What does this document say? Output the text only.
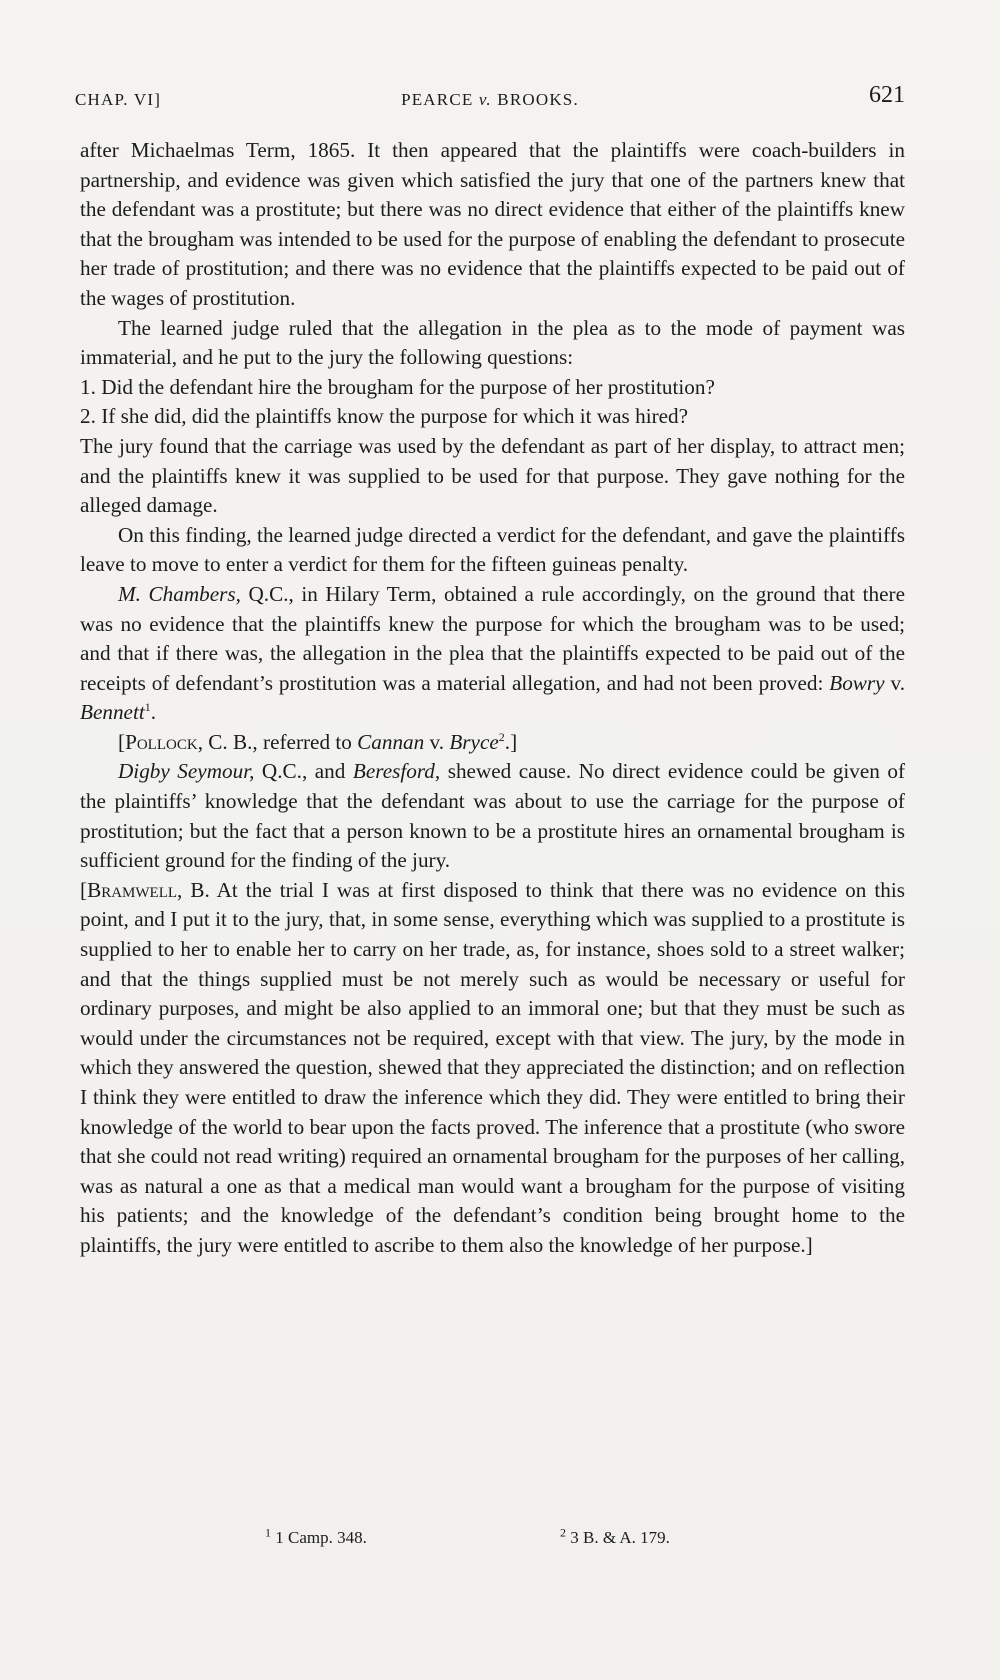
CHAP. VI]	PEARCE v. BROOKS.	621

after Michaelmas Term, 1865. It then appeared that the plaintiffs were coach-builders in partnership, and evidence was given which satisfied the jury that one of the partners knew that the defendant was a prostitute; but there was no direct evidence that either of the plaintiffs knew that the brougham was intended to be used for the purpose of enabling the defendant to prosecute her trade of prostitution; and there was no evidence that the plaintiffs expected to be paid out of the wages of prostitution.

The learned judge ruled that the allegation in the plea as to the mode of payment was immaterial, and he put to the jury the following questions:

1. Did the defendant hire the brougham for the purpose of her prostitution?

2. If she did, did the plaintiffs know the purpose for which it was hired?

The jury found that the carriage was used by the defendant as part of her display, to attract men; and the plaintiffs knew it was supplied to be used for that purpose. They gave nothing for the alleged damage.

On this finding, the learned judge directed a verdict for the defendant, and gave the plaintiffs leave to move to enter a verdict for them for the fifteen guineas penalty.

M. Chambers, Q.C., in Hilary Term, obtained a rule accordingly, on the ground that there was no evidence that the plaintiffs knew the purpose for which the brougham was to be used; and that if there was, the allegation in the plea that the plaintiffs expected to be paid out of the receipts of defendant’s prostitution was a material allegation, and had not been proved: Bowry v. Bennett$^1$.

[Pollock, C. B., referred to Cannan v. Bryce$^2$.]

Digby Seymour, Q.C., and Beresford, shewed cause. No direct evidence could be given of the plaintiffs’ knowledge that the defendant was about to use the carriage for the purpose of prostitution; but the fact that a person known to be a prostitute hires an ornamental brougham is sufficient ground for the finding of the jury.

[Bramwell, B. At the trial I was at first disposed to think that there was no evidence on this point, and I put it to the jury, that, in some sense, everything which was supplied to a prostitute is supplied to her to enable her to carry on her trade, as, for instance, shoes sold to a street walker; and that the things supplied must be not merely such as would be necessary or useful for ordinary purposes, and might be also applied to an immoral one; but that they must be such as would under the circumstances not be required, except with that view. The jury, by the mode in which they answered the question, shewed that they appreciated the distinction; and on reflection I think they were entitled to draw the inference which they did. They were entitled to bring their knowledge of the world to bear upon the facts proved. The inference that a prostitute (who swore that she could not read writing) required an ornamental brougham for the purposes of her calling, was as natural a one as that a medical man would want a brougham for the purpose of visiting his patients; and the knowledge of the defendant’s condition being brought home to the plaintiffs, the jury were entitled to ascribe to them also the knowledge of her purpose.]

$^1$ 1 Camp. 348.	$^2$ 3 B. & A. 179.
